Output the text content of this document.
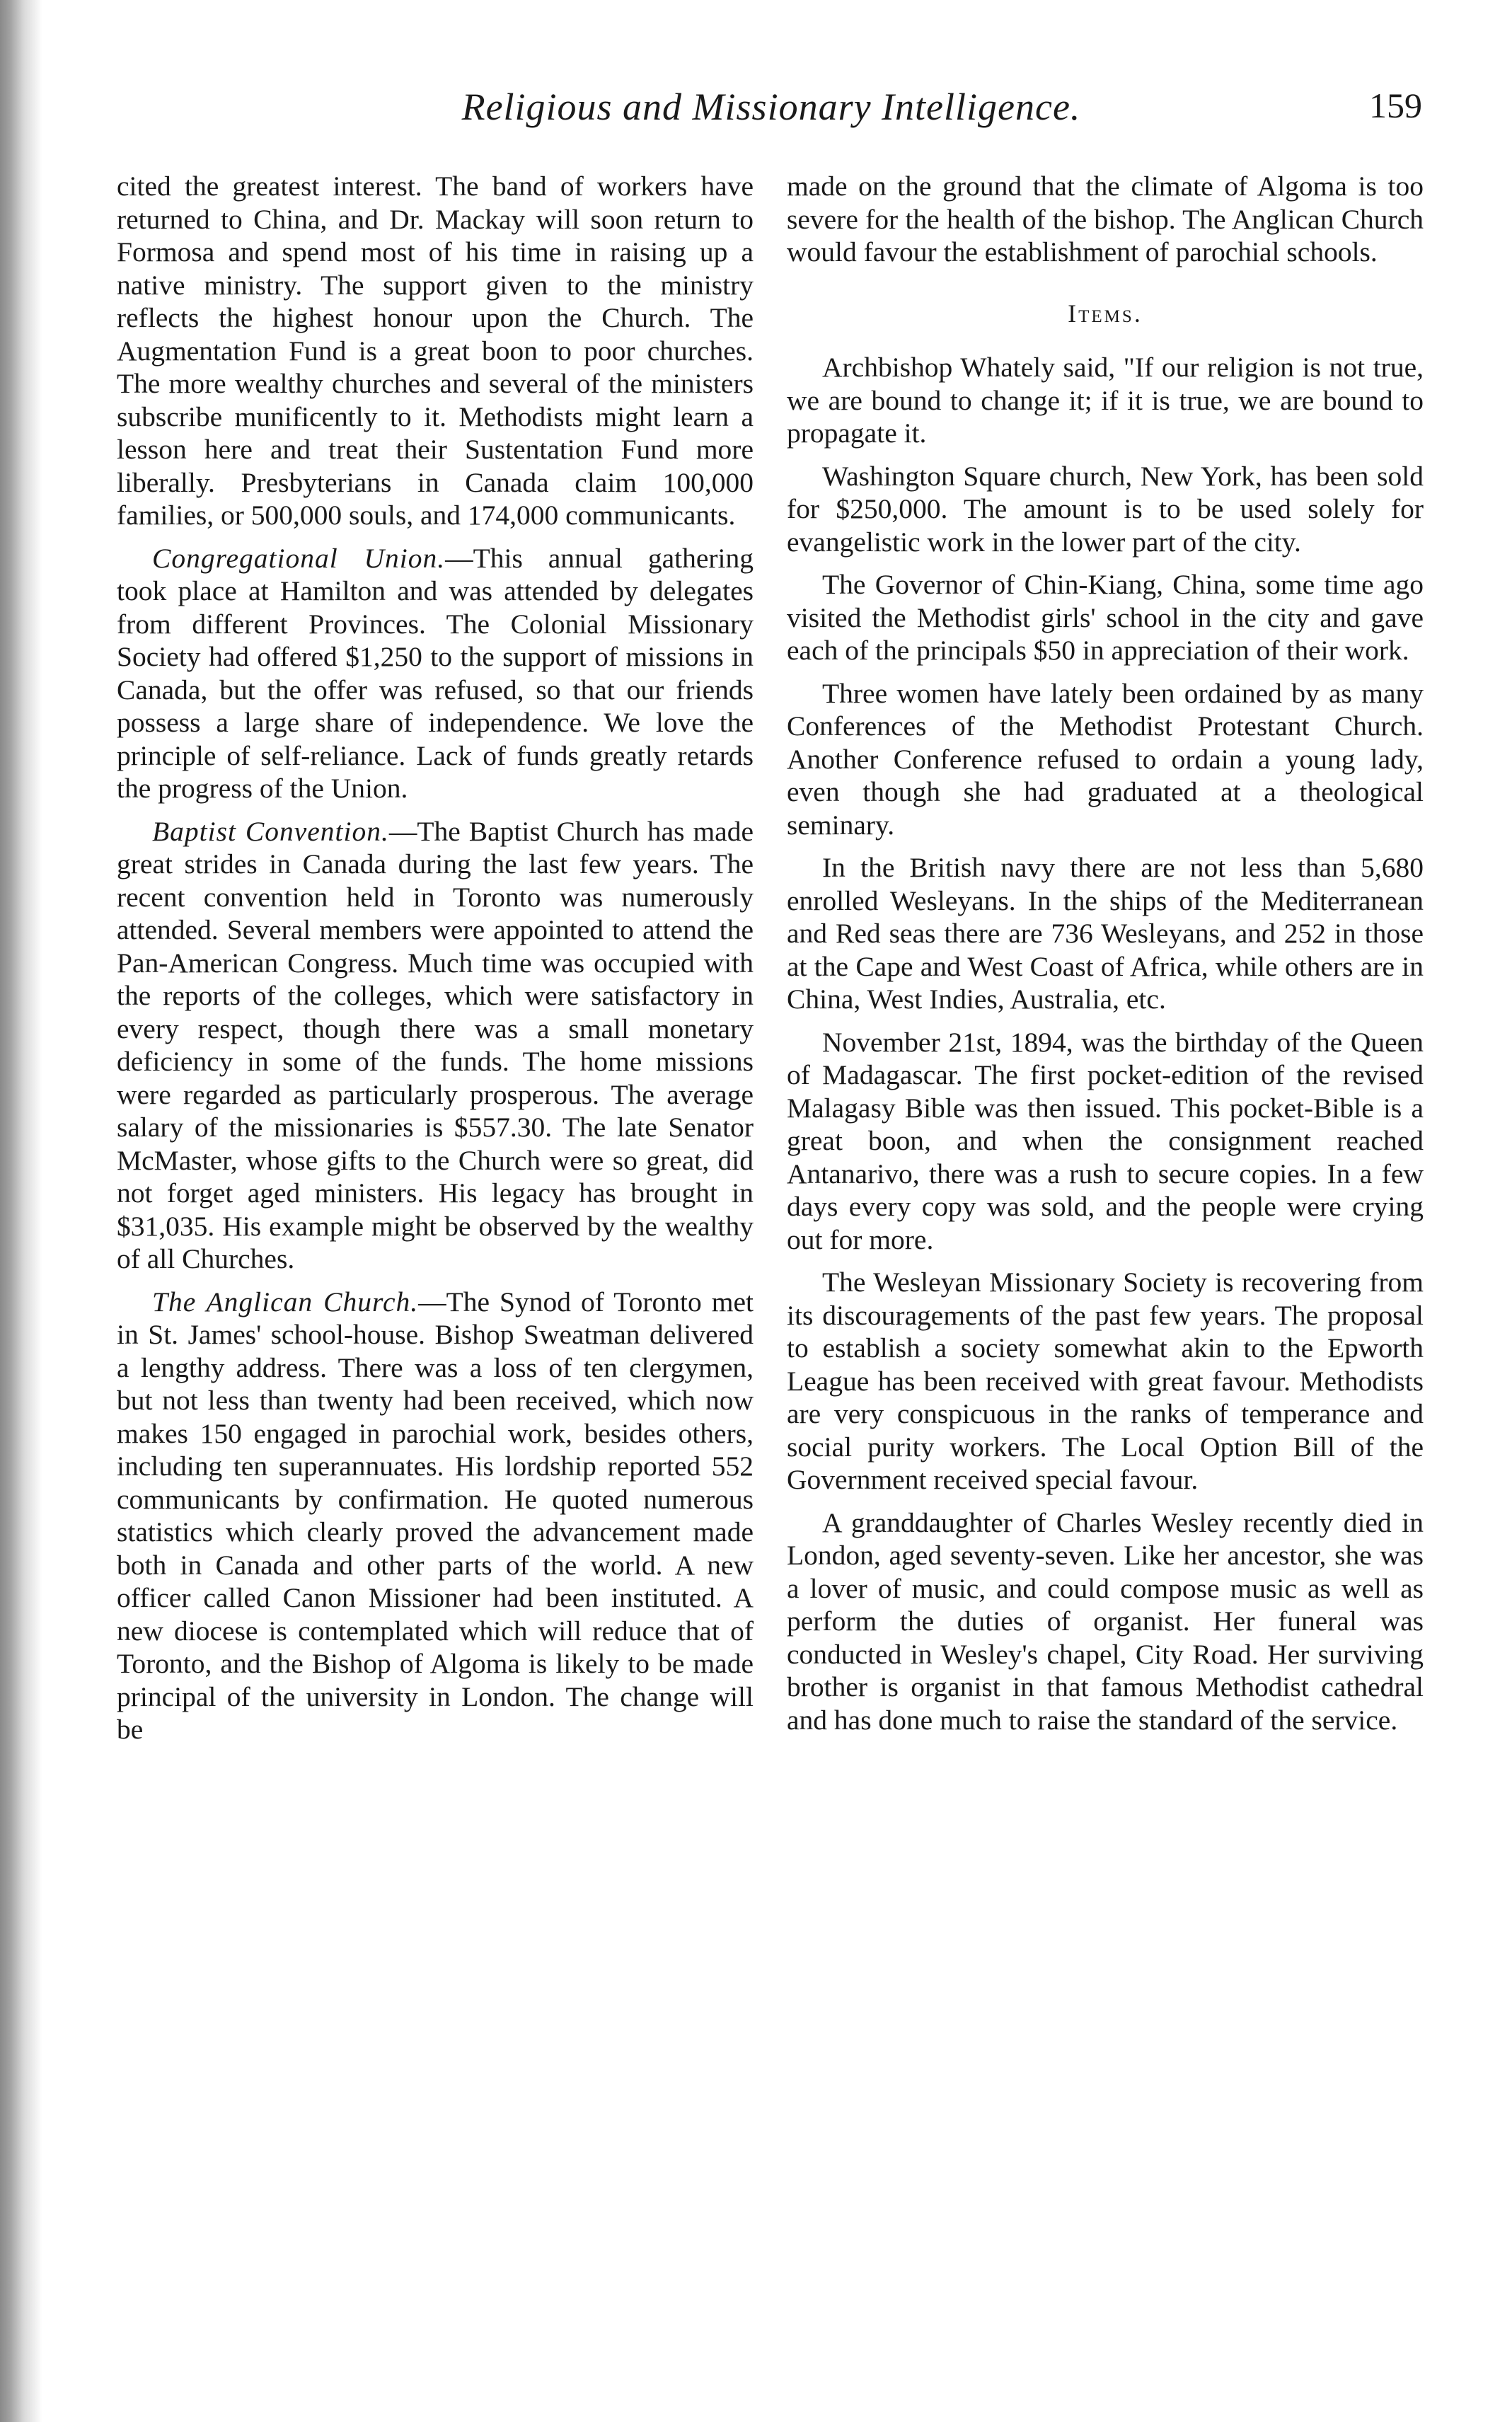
Religious and Missionary Intelligence.	159

cited the greatest interest. The band of workers have returned to China, and Dr. Mackay will soon return to Formosa and spend most of his time in raising up a native ministry. The support given to the ministry reflects the highest honour upon the Church. The Augmentation Fund is a great boon to poor churches. The more wealthy churches and several of the ministers subscribe munificently to it. Methodists might learn a lesson here and treat their Sustentation Fund more liberally. Presbyterians in Canada claim 100,000 families, or 500,000 souls, and 174,000 communicants.

Congregational Union.—This annual gathering took place at Hamilton and was attended by delegates from different Provinces. The Colonial Missionary Society had offered $1,250 to the support of missions in Canada, but the offer was refused, so that our friends possess a large share of independence. We love the principle of self-reliance. Lack of funds greatly retards the progress of the Union.

Baptist Convention.—The Baptist Church has made great strides in Canada during the last few years. The recent convention held in Toronto was numerously attended. Several members were appointed to attend the Pan-American Congress. Much time was occupied with the reports of the colleges, which were satisfactory in every respect, though there was a small monetary deficiency in some of the funds. The home missions were regarded as particularly prosperous. The average salary of the missionaries is $557.30. The late Senator McMaster, whose gifts to the Church were so great, did not forget aged ministers. His legacy has brought in $31,035. His example might be observed by the wealthy of all Churches.

The Anglican Church.—The Synod of Toronto met in St. James' school-house. Bishop Sweatman delivered a lengthy address. There was a loss of ten clergymen, but not less than twenty had been received, which now makes 150 engaged in parochial work, besides others, including ten superannuates. His lordship reported 552 communicants by confirmation. He quoted numerous statistics which clearly proved the advancement made both in Canada and other parts of the world. A new officer called Canon Missioner had been instituted. A new diocese is contemplated which will reduce that of Toronto, and the Bishop of Algoma is likely to be made principal of the university in London. The change will be

made on the ground that the climate of Algoma is too severe for the health of the bishop. The Anglican Church would favour the establishment of parochial schools.

Items.

Archbishop Whately said, "If our religion is not true, we are bound to change it; if it is true, we are bound to propagate it.

Washington Square church, New York, has been sold for $250,000. The amount is to be used solely for evangelistic work in the lower part of the city.

The Governor of Chin-Kiang, China, some time ago visited the Methodist girls' school in the city and gave each of the principals $50 in appreciation of their work.

Three women have lately been ordained by as many Conferences of the Methodist Protestant Church. Another Conference refused to ordain a young lady, even though she had graduated at a theological seminary.

In the British navy there are not less than 5,680 enrolled Wesleyans. In the ships of the Mediterranean and Red seas there are 736 Wesleyans, and 252 in those at the Cape and West Coast of Africa, while others are in China, West Indies, Australia, etc.

November 21st, 1894, was the birthday of the Queen of Madagascar. The first pocket-edition of the revised Malagasy Bible was then issued. This pocket-Bible is a great boon, and when the consignment reached Antanarivo, there was a rush to secure copies. In a few days every copy was sold, and the people were crying out for more.

The Wesleyan Missionary Society is recovering from its discouragements of the past few years. The proposal to establish a society somewhat akin to the Epworth League has been received with great favour. Methodists are very conspicuous in the ranks of temperance and social purity workers. The Local Option Bill of the Government received special favour.

A granddaughter of Charles Wesley recently died in London, aged seventy-seven. Like her ancestor, she was a lover of music, and could compose music as well as perform the duties of organist. Her funeral was conducted in Wesley's chapel, City Road. Her surviving brother is organist in that famous Methodist cathedral and has done much to raise the standard of the service.
